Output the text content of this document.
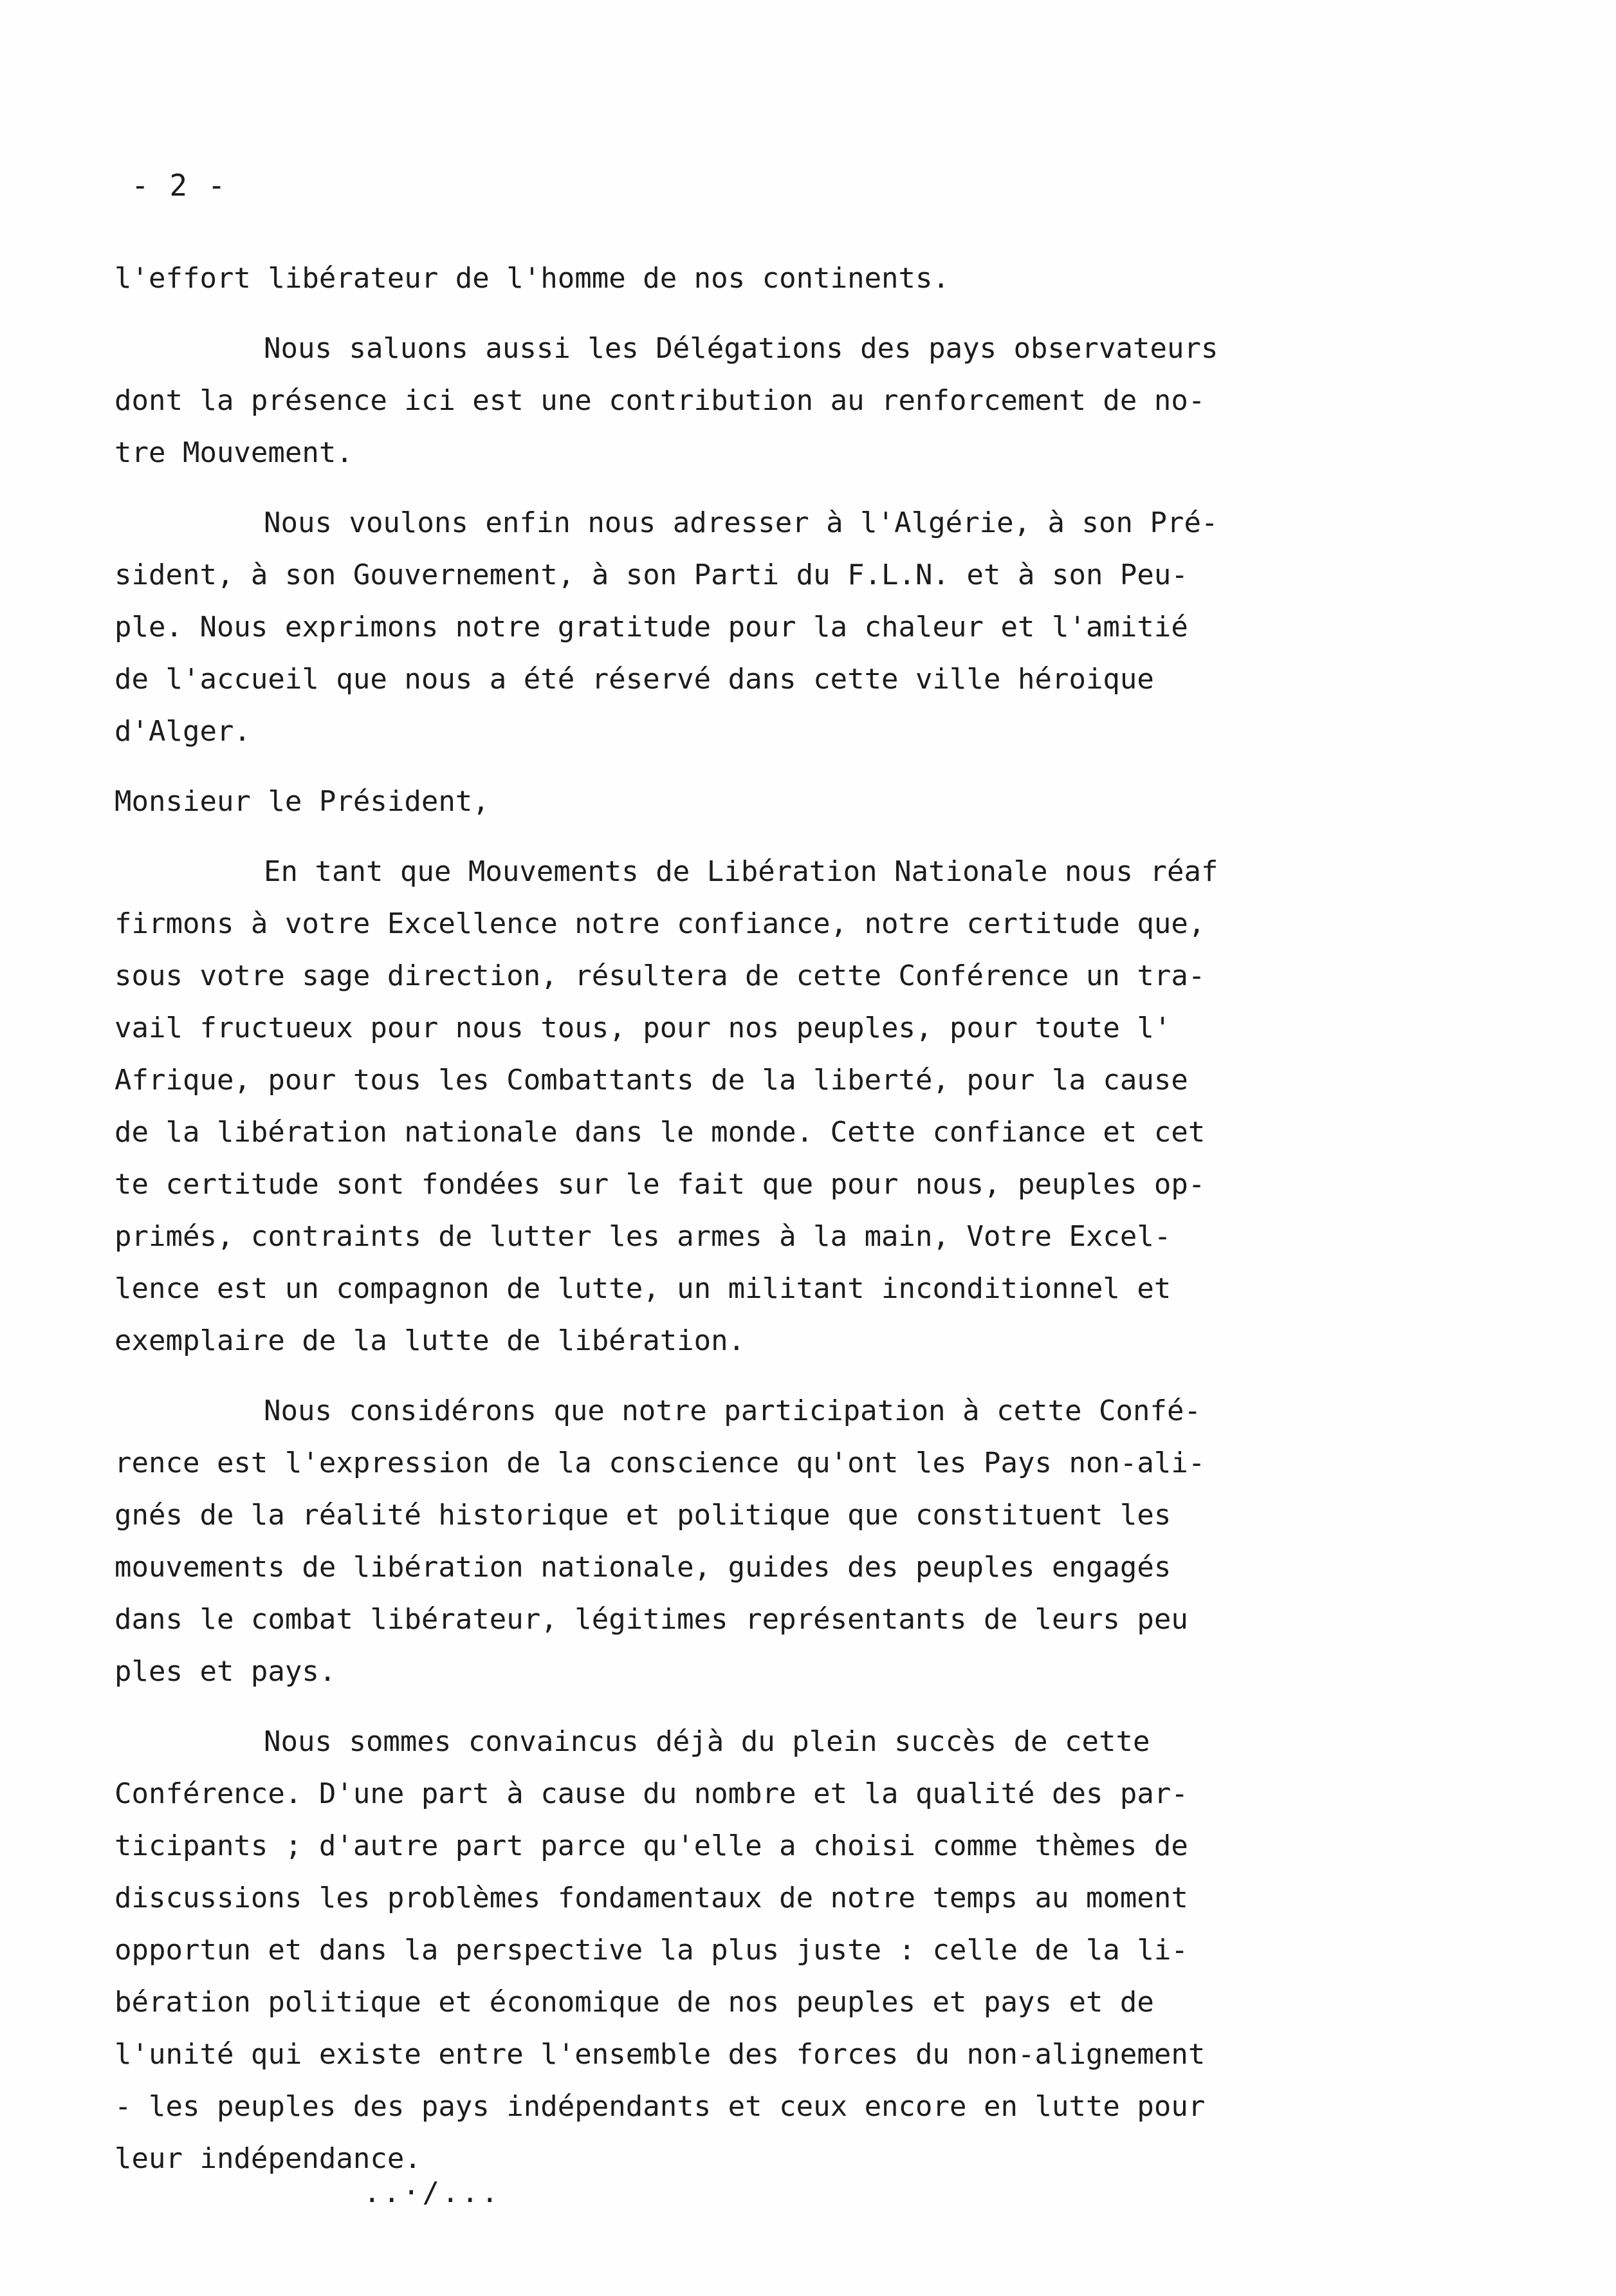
- 2 -
l'effort libérateur de l'homme de nos continents.
Nous saluons aussi les Délégations des pays observateurs
dont la présence ici est une contribution au renforcement de no-
tre Mouvement.
Nous voulons enfin nous adresser à l'Algérie, à son Pré-
sident, à son Gouvernement, à son Parti du F.L.N. et à son Peu-
ple. Nous exprimons notre gratitude pour la chaleur et l'amitié
de l'accueil que nous a été réservé dans cette ville héroique
d'Alger.
Monsieur le Président,
En tant que Mouvements de Libération Nationale nous réaf
firmons à votre Excellence notre confiance, notre certitude que,
sous votre sage direction, résultera de cette Conférence un tra-
vail fructueux pour nous tous, pour nos peuples, pour toute l'
Afrique, pour tous les Combattants de la liberté, pour la cause
de la libération nationale dans le monde. Cette confiance et cet
te certitude sont fondées sur le fait que pour nous, peuples op-
primés, contraints de lutter les armes à la main, Votre Excel-
lence est un compagnon de lutte, un militant inconditionnel et
exemplaire de la lutte de libération.
Nous considérons que notre participation à cette Confé-
rence est l'expression de la conscience qu'ont les Pays non-ali-
gnés de la réalité historique et politique que constituent les
mouvements de libération nationale, guides des peuples engagés
dans le combat libérateur, légitimes représentants de leurs peu
ples et pays.
Nous sommes convaincus déjà du plein succès de cette
Conférence. D'une part à cause du nombre et la qualité des par-
ticipants ; d'autre part parce qu'elle a choisi comme thèmes de
discussions les problèmes fondamentaux de notre temps au moment
opportun et dans la perspective la plus juste : celle de la li-
bération politique et économique de nos peuples et pays et de
l'unité qui existe entre l'ensemble des forces du non-alignement
- les peuples des pays indépendants et ceux encore en lutte pour
leur indépendance.
..·/...
